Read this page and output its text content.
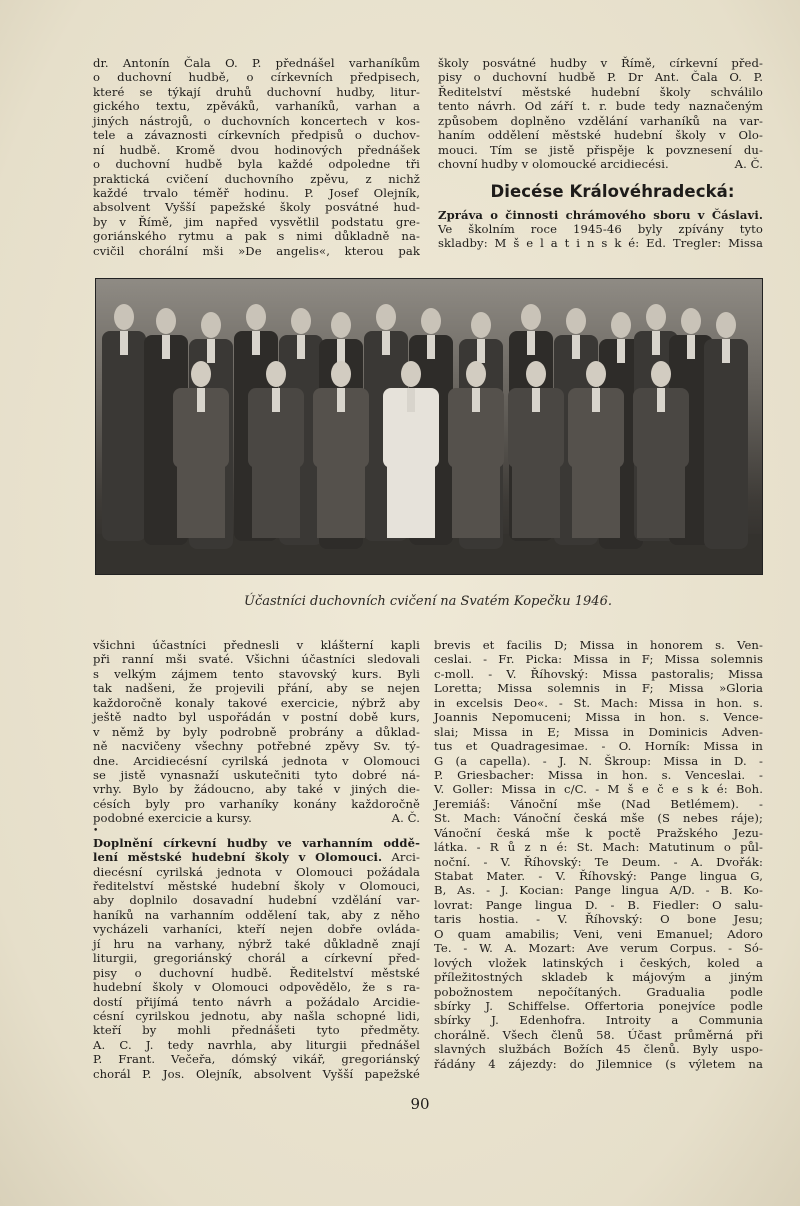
dr. Antonín Čala O. P. přednášel varhaníkům
o duchovní hudbě, o církevních předpisech,
které se týkají druhů duchovní hudby, litur-
gického textu, zpěváků, varhaníků, varhan a
jiných nástrojů, o duchovních koncertech v kos-
tele a závaznosti církevních předpisů o duchov-
ní hudbě. Kromě dvou hodinových přednášek
o duchovní hudbě byla každé odpoledne tři
praktická cvičení duchovního zpěvu, z nichž
každé trvalo téměř hodinu. P. Josef Olejník,
absolvent Vyšší papežské školy posvátné hud-
by v Římě, jim napřed vysvětlil podstatu gre-
goriánského rytmu a pak s nimi důkladně na-
cvičil chorální mši »De angelis«, kterou pak
školy posvátné hudby v Římě, církevní před-
pisy o duchovní hudbě P. Dr Ant. Čala O. P.
Ředitelství městské hudební školy schválilo
tento návrh. Od září t. r. bude tedy naznačeným
způsobem doplněno vzdělání varhaníků na var-
haním oddělení městské hudební školy v Olo-
mouci. Tím se jistě přispěje k povznesení du-
chovní hudby v olomoucké arcidiecési.	A. Č.
Diecése Královéhradecká:
Zpráva o činnosti chrámového sboru v Čáslavi.
Ve školním roce 1945-46 byly zpívány tyto
skladby: M š e l a t i n s k é: Ed. Tregler: Missa
Účastníci duchovních cvičení na Svatém Kopečku 1946.
všichni účastníci přednesli v klášterní kapli
při ranní mši svaté. Všichni účastníci sledovali
s velkým zájmem tento stavovský kurs. Byli
tak nadšeni, že projevili přání, aby se nejen
každoročně konaly takové exercicie, nýbrž aby
ještě nadto byl uspořádán v postní době kurs,
v němž by byly podrobně probrány a důklad-
ně nacvičeny všechny potřebné zpěvy Sv. tý-
dne. Arcidiecésní cyrilská jednota v Olomouci
se jistě vynasnaží uskutečniti tyto dobré ná-
vrhy. Bylo by žádoucno, aby také v jiných die-
césích byly pro varhaníky konány každoročně
podobné exercicie a kursy.	A. Č.
•
Doplnění církevní hudby ve varhanním oddě-
lení městské hudební školy v Olomouci. Arci-
diecésní cyrilská jednota v Olomouci požádala
ředitelství městské hudební školy v Olomouci,
aby doplnilo dosavadní hudební vzdělání var-
haníků na varhanním oddělení tak, aby z něho
vycházeli varhaníci, kteří nejen dobře ovláda-
jí hru na varhany, nýbrž také důkladně znají
liturgii, gregoriánský chorál a církevní před-
pisy o duchovní hudbě. Ředitelství městské
hudební školy v Olomouci odpovědělo, že s ra-
dostí přijímá tento návrh a požádalo Arcidie-
césní cyrilskou jednotu, aby našla schopné lidi,
kteří by mohli přednášeti tyto předměty.
A. C. J. tedy navrhla, aby liturgii přednášel
P. Frant. Večeřa, dómský vikář, gregoriánský
chorál P. Jos. Olejník, absolvent Vyšší papežské
brevis et facilis D; Missa in honorem s. Ven-
ceslai. - Fr. Picka: Missa in F; Missa solemnis
c-moll. - V. Říhovský: Missa pastoralis; Missa
Loretta; Missa solemnis in F; Missa »Gloria
in excelsis Deo«. - St. Mach: Missa in hon. s.
Joannis Nepomuceni; Missa in hon. s. Vence-
slai; Missa in E; Missa in Dominicis Adven-
tus et Quadragesimae. - O. Horník: Missa in
G (a capella). - J. N. Škroup: Missa in D. -
P. Griesbacher: Missa in hon. s. Venceslai. -
V. Goller: Missa in c/C. - M š e č e s k é: Boh.
Jeremiáš: Vánoční mše (Nad Betlémem). -
St. Mach: Vánoční česká mše (S nebes ráje);
Vánoční česká mše k poctě Pražského Jezu-
látka. - R ů z n é: St. Mach: Matutinum o půl-
noční. - V. Říhovský: Te Deum. - A. Dvořák:
Stabat Mater. - V. Říhovský: Pange lingua G,
B, As. - J. Kocian: Pange lingua A/D. - B. Ko-
lovrat: Pange lingua D. - B. Fiedler: O salu-
taris hostia. - V. Říhovský: O bone Jesu;
O quam amabilis; Veni, veni Emanuel; Adoro
Te. - W. A. Mozart: Ave verum Corpus. - Só-
lových vložek latinských i českých, koled a
příležitostných skladeb k májovým a jiným
pobožnostem nepočítaných. Gradualia podle
sbírky J. Schiffelse. Offertoria ponejvíce podle
sbírky J. Edenhofra. Introity a Communia
chorálně. Všech členů 58. Účast průměrná při
slavných službách Božích 45 členů. Byly uspo-
řádány 4 zájezdy: do Jilemnice (s výletem na
90
